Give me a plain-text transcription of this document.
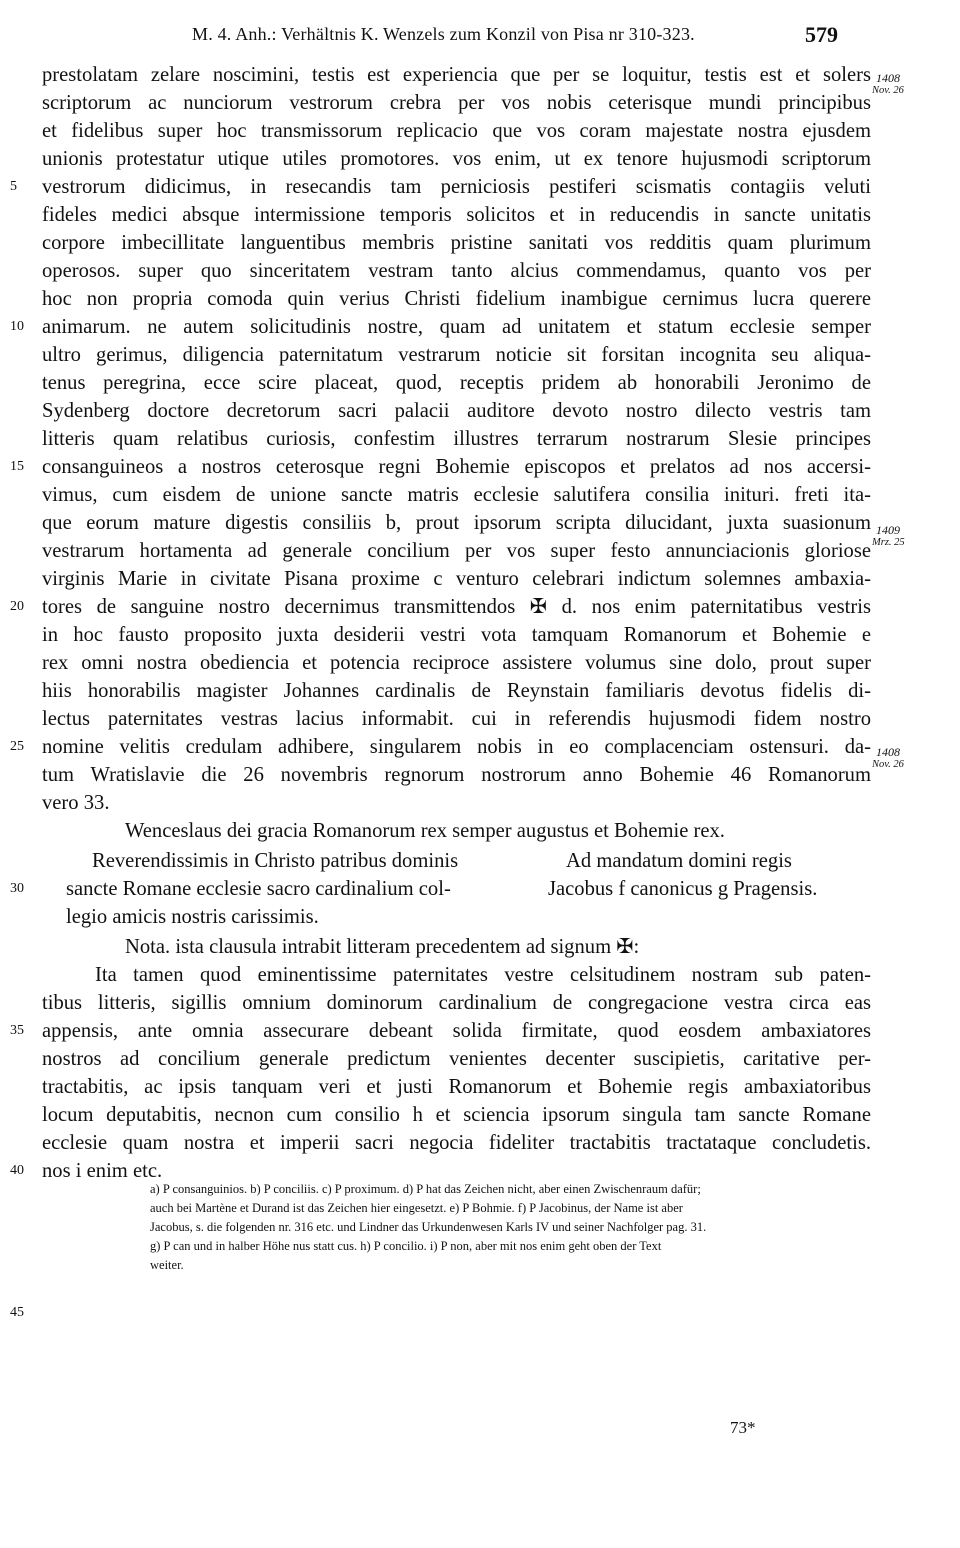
M. 4. Anh.: Verhältnis K. Wenzels zum Konzil von Pisa nr 310-323.	579
prestolatam zelare noscimini, testis est experiencia que per se loquitur, testis est et solers
scriptorum ac nunciorum vestrorum crebra per vos nobis ceterisque mundi principibus
et fidelibus super hoc transmissorum replicacio que vos coram majestate nostra ejusdem
unionis protestatur utique utiles promotores. vos enim, ut ex tenore hujusmodi scriptorum
vestrorum didicimus, in resecandis tam perniciosis pestiferi scismatis contagiis veluti
fideles medici absque intermissione temporis solicitos et in reducendis in sancte unitatis
corpore imbecillitate languentibus membris pristine sanitati vos redditis quam plurimum
operosos. super quo sinceritatem vestram tanto alcius commendamus, quanto vos per
hoc non propria comoda quin verius Christi fidelium inambigue cernimus lucra querere
animarum. ne autem solicitudinis nostre, quam ad unitatem et statum ecclesie semper
ultro gerimus, diligencia paternitatum vestrarum noticie sit forsitan incognita seu aliqua-
tenus peregrina, ecce scire placeat, quod, receptis pridem ab honorabili Jeronimo de
Sydenberg doctore decretorum sacri palacii auditore devoto nostro dilecto vestris tam
litteris quam relatibus curiosis, confestim illustres terrarum nostrarum Slesie principes
consanguineos a nostros ceterosque regni Bohemie episcopos et prelatos ad nos accersi-
vimus, cum eisdem de unione sancte matris ecclesie salutifera consilia inituri. freti ita-
que eorum mature digestis consiliis b, prout ipsorum scripta dilucidant, juxta suasionum
vestrarum hortamenta ad generale concilium per vos super festo annunciacionis gloriose
virginis Marie in civitate Pisana proxime c venturo celebrari indictum solemnes ambaxia-
tores de sanguine nostro decernimus transmittendos ✠ d. nos enim paternitatibus vestris
in hoc fausto proposito juxta desiderii vestri vota tamquam Romanorum et Bohemie e
rex omni nostra obediencia et potencia reciproce assistere volumus sine dolo, prout super
hiis honorabilis magister Johannes cardinalis de Reynstain familiaris devotus fidelis di-
lectus paternitates vestras lacius informabit. cui in referendis hujusmodi fidem nostro
nomine velitis credulam adhibere, singularem nobis in eo complacenciam ostensuri. da-
tum Wratislavie die 26 novembris regnorum nostrorum anno Bohemie 46 Romanorum
vero 33.
Wenceslaus dei gracia Romanorum rex semper augustus et Bohemie rex.
Reverendissimis in Christo patribus dominis
sancte Romane ecclesie sacro cardinalium col-
legio amicis nostris carissimis.
Ad mandatum domini regis
Jacobus f canonicus g Pragensis.
Nota. ista clausula intrabit litteram precedentem ad signum ✠:
Ita tamen quod eminentissime paternitates vestre celsitudinem nostram sub paten-
tibus litteris, sigillis omnium dominorum cardinalium de congregacione vestra circa eas
appensis, ante omnia assecurare debeant solida firmitate, quod eosdem ambaxiatores
nostros ad concilium generale predictum venientes decenter suscipietis, caritative per-
tractabitis, ac ipsis tanquam veri et justi Romanorum et Bohemie regis ambaxiatoribus
locum deputabitis, necnon cum consilio h et sciencia ipsorum singula tam sancte Romane
ecclesie quam nostra et imperii sacri negocia fideliter tractabitis tractataque concludetis.
nos i enim etc.
5
10
15
20
25
30
35
40
45
1408
Nov. 26
1409
Mrz. 25
1408
Nov. 26
a) P consanguinios. b) P conciliis. c) P proximum. d) P hat das Zeichen nicht, aber einen Zwischenraum dafür;
auch bei Martène et Durand ist das Zeichen hier eingesetzt. e) P Bohmie. f) P Jacobinus, der Name ist aber
Jacobus, s. die folgenden nr. 316 etc. und Lindner das Urkundenwesen Karls IV und seiner Nachfolger pag. 31.
g) P can und in halber Höhe nus statt cus. h) P concilio. i) P non, aber mit nos enim geht oben der Text
weiter.
73*
